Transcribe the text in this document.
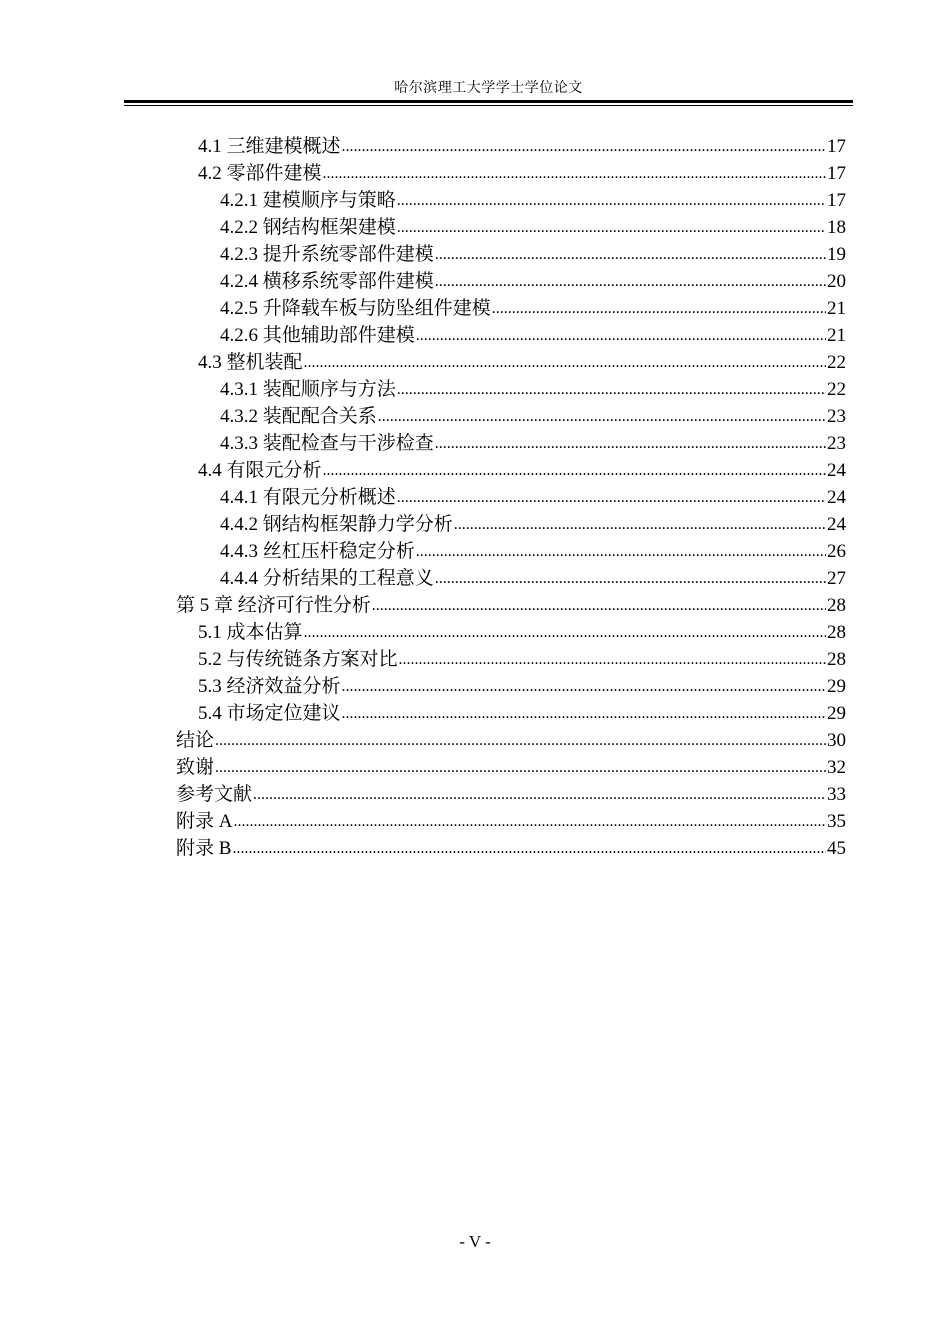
哈尔滨理工大学学士学位论文
4.1 三维建模概述 .....	17
4.2 零部件建模 .....	17
4.2.1 建模顺序与策略 .....	17
4.2.2 钢结构框架建模 .....	18
4.2.3 提升系统零部件建模 .....	19
4.2.4 横移系统零部件建模 .....	20
4.2.5 升降载车板与防坠组件建模 .....	21
4.2.6 其他辅助部件建模 .....	21
4.3 整机装配 .....	22
4.3.1 装配顺序与方法 .....	22
4.3.2 装配配合关系 .....	23
4.3.3 装配检查与干涉检查 .....	23
4.4 有限元分析 .....	24
4.4.1 有限元分析概述 .....	24
4.4.2 钢结构框架静力学分析 .....	24
4.4.3 丝杠压杆稳定分析 .....	26
4.4.4 分析结果的工程意义 .....	27
第 5 章 经济可行性分析 .....	28
5.1 成本估算 .....	28
5.2 与传统链条方案对比 .....	28
5.3 经济效益分析 .....	29
5.4 市场定位建议 .....	29
结论 .....	30
致谢 .....	32
参考文献 .....	33
附录 A .....	35
附录 B .....	45
- V -
